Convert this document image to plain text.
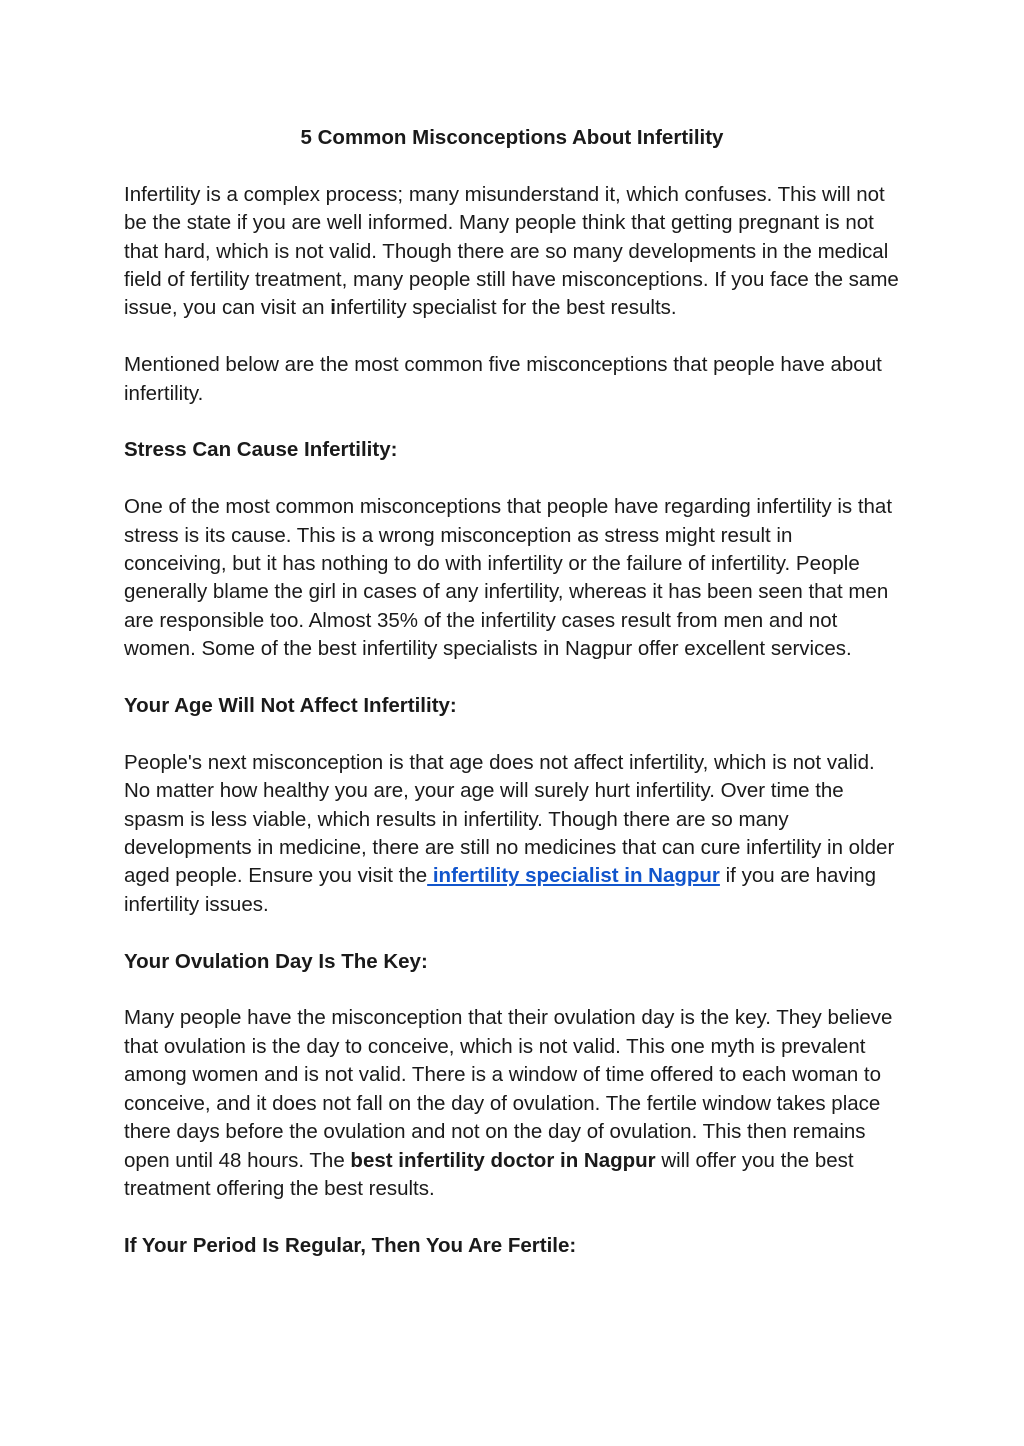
5 Common Misconceptions About Infertility

Infertility is a complex process; many misunderstand it, which confuses. This will not be the state if you are well informed. Many people think that getting pregnant is not that hard, which is not valid. Though there are so many developments in the medical field of fertility treatment, many people still have misconceptions. If you face the same issue, you can visit an infertility specialist for the best results.

Mentioned below are the most common five misconceptions that people have about infertility.

Stress Can Cause Infertility:

One of the most common misconceptions that people have regarding infertility is that stress is its cause. This is a wrong misconception as stress might result in conceiving, but it has nothing to do with infertility or the failure of infertility. People generally blame the girl in cases of any infertility, whereas it has been seen that men are responsible too. Almost 35% of the infertility cases result from men and not women. Some of the best infertility specialists in Nagpur offer excellent services.

Your Age Will Not Affect Infertility:

People's next misconception is that age does not affect infertility, which is not valid. No matter how healthy you are, your age will surely hurt infertility. Over time the spasm is less viable, which results in infertility. Though there are so many developments in medicine, there are still no medicines that can cure infertility in older aged people. Ensure you visit the infertility specialist in Nagpur if you are having infertility issues.

Your Ovulation Day Is The Key:

Many people have the misconception that their ovulation day is the key. They believe that ovulation is the day to conceive, which is not valid. This one myth is prevalent among women and is not valid. There is a window of time offered to each woman to conceive, and it does not fall on the day of ovulation. The fertile window takes place there days before the ovulation and not on the day of ovulation. This then remains open until 48 hours. The best infertility doctor in Nagpur will offer you the best treatment offering the best results.

If Your Period Is Regular, Then You Are Fertile:
